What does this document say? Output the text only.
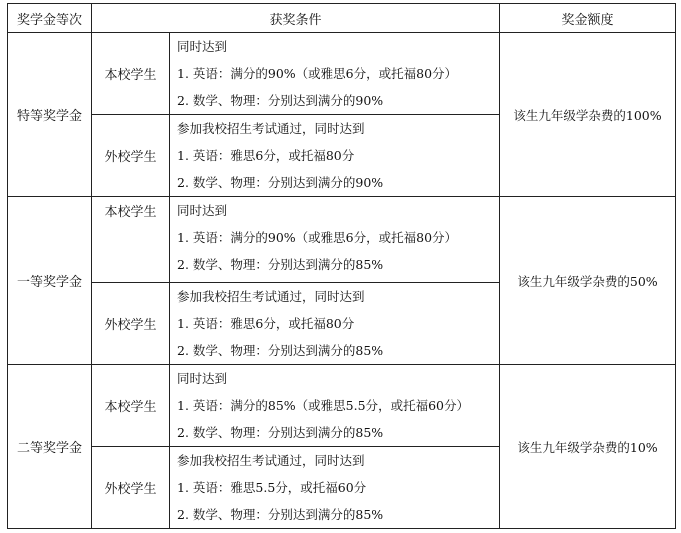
奖学金等次	获奖条件		奖金额度
特等奖学金	本校学生	同时达到
1. 英语：满分的90%（或雅思6分，或托福80分）
2. 数学、物理：分别达到满分的90%	该生九年级学杂费的100%
	外校学生	参加我校招生考试通过，同时达到
1. 英语：雅思6分，或托福80分
2. 数学、物理：分别达到满分的90%	

一等奖学金	本校学生	同时达到
1. 英语：满分的90%（或雅思6分，或托福80分）
2. 数学、物理：分别达到满分的85%	该生九年级学杂费的50%
	外校学生	参加我校招生考试通过，同时达到
1. 英语：雅思6分，或托福80分
2. 数学、物理：分别达到满分的85%	

二等奖学金	本校学生	同时达到
1. 英语：满分的85%（或雅思5.5分，或托福60分）
2. 数学、物理：分别达到满分的85%	该生九年级学杂费的10%
	外校学生	参加我校招生考试通过，同时达到
1. 英语：雅思5.5分，或托福60分
2. 数学、物理：分别达到满分的85%	
